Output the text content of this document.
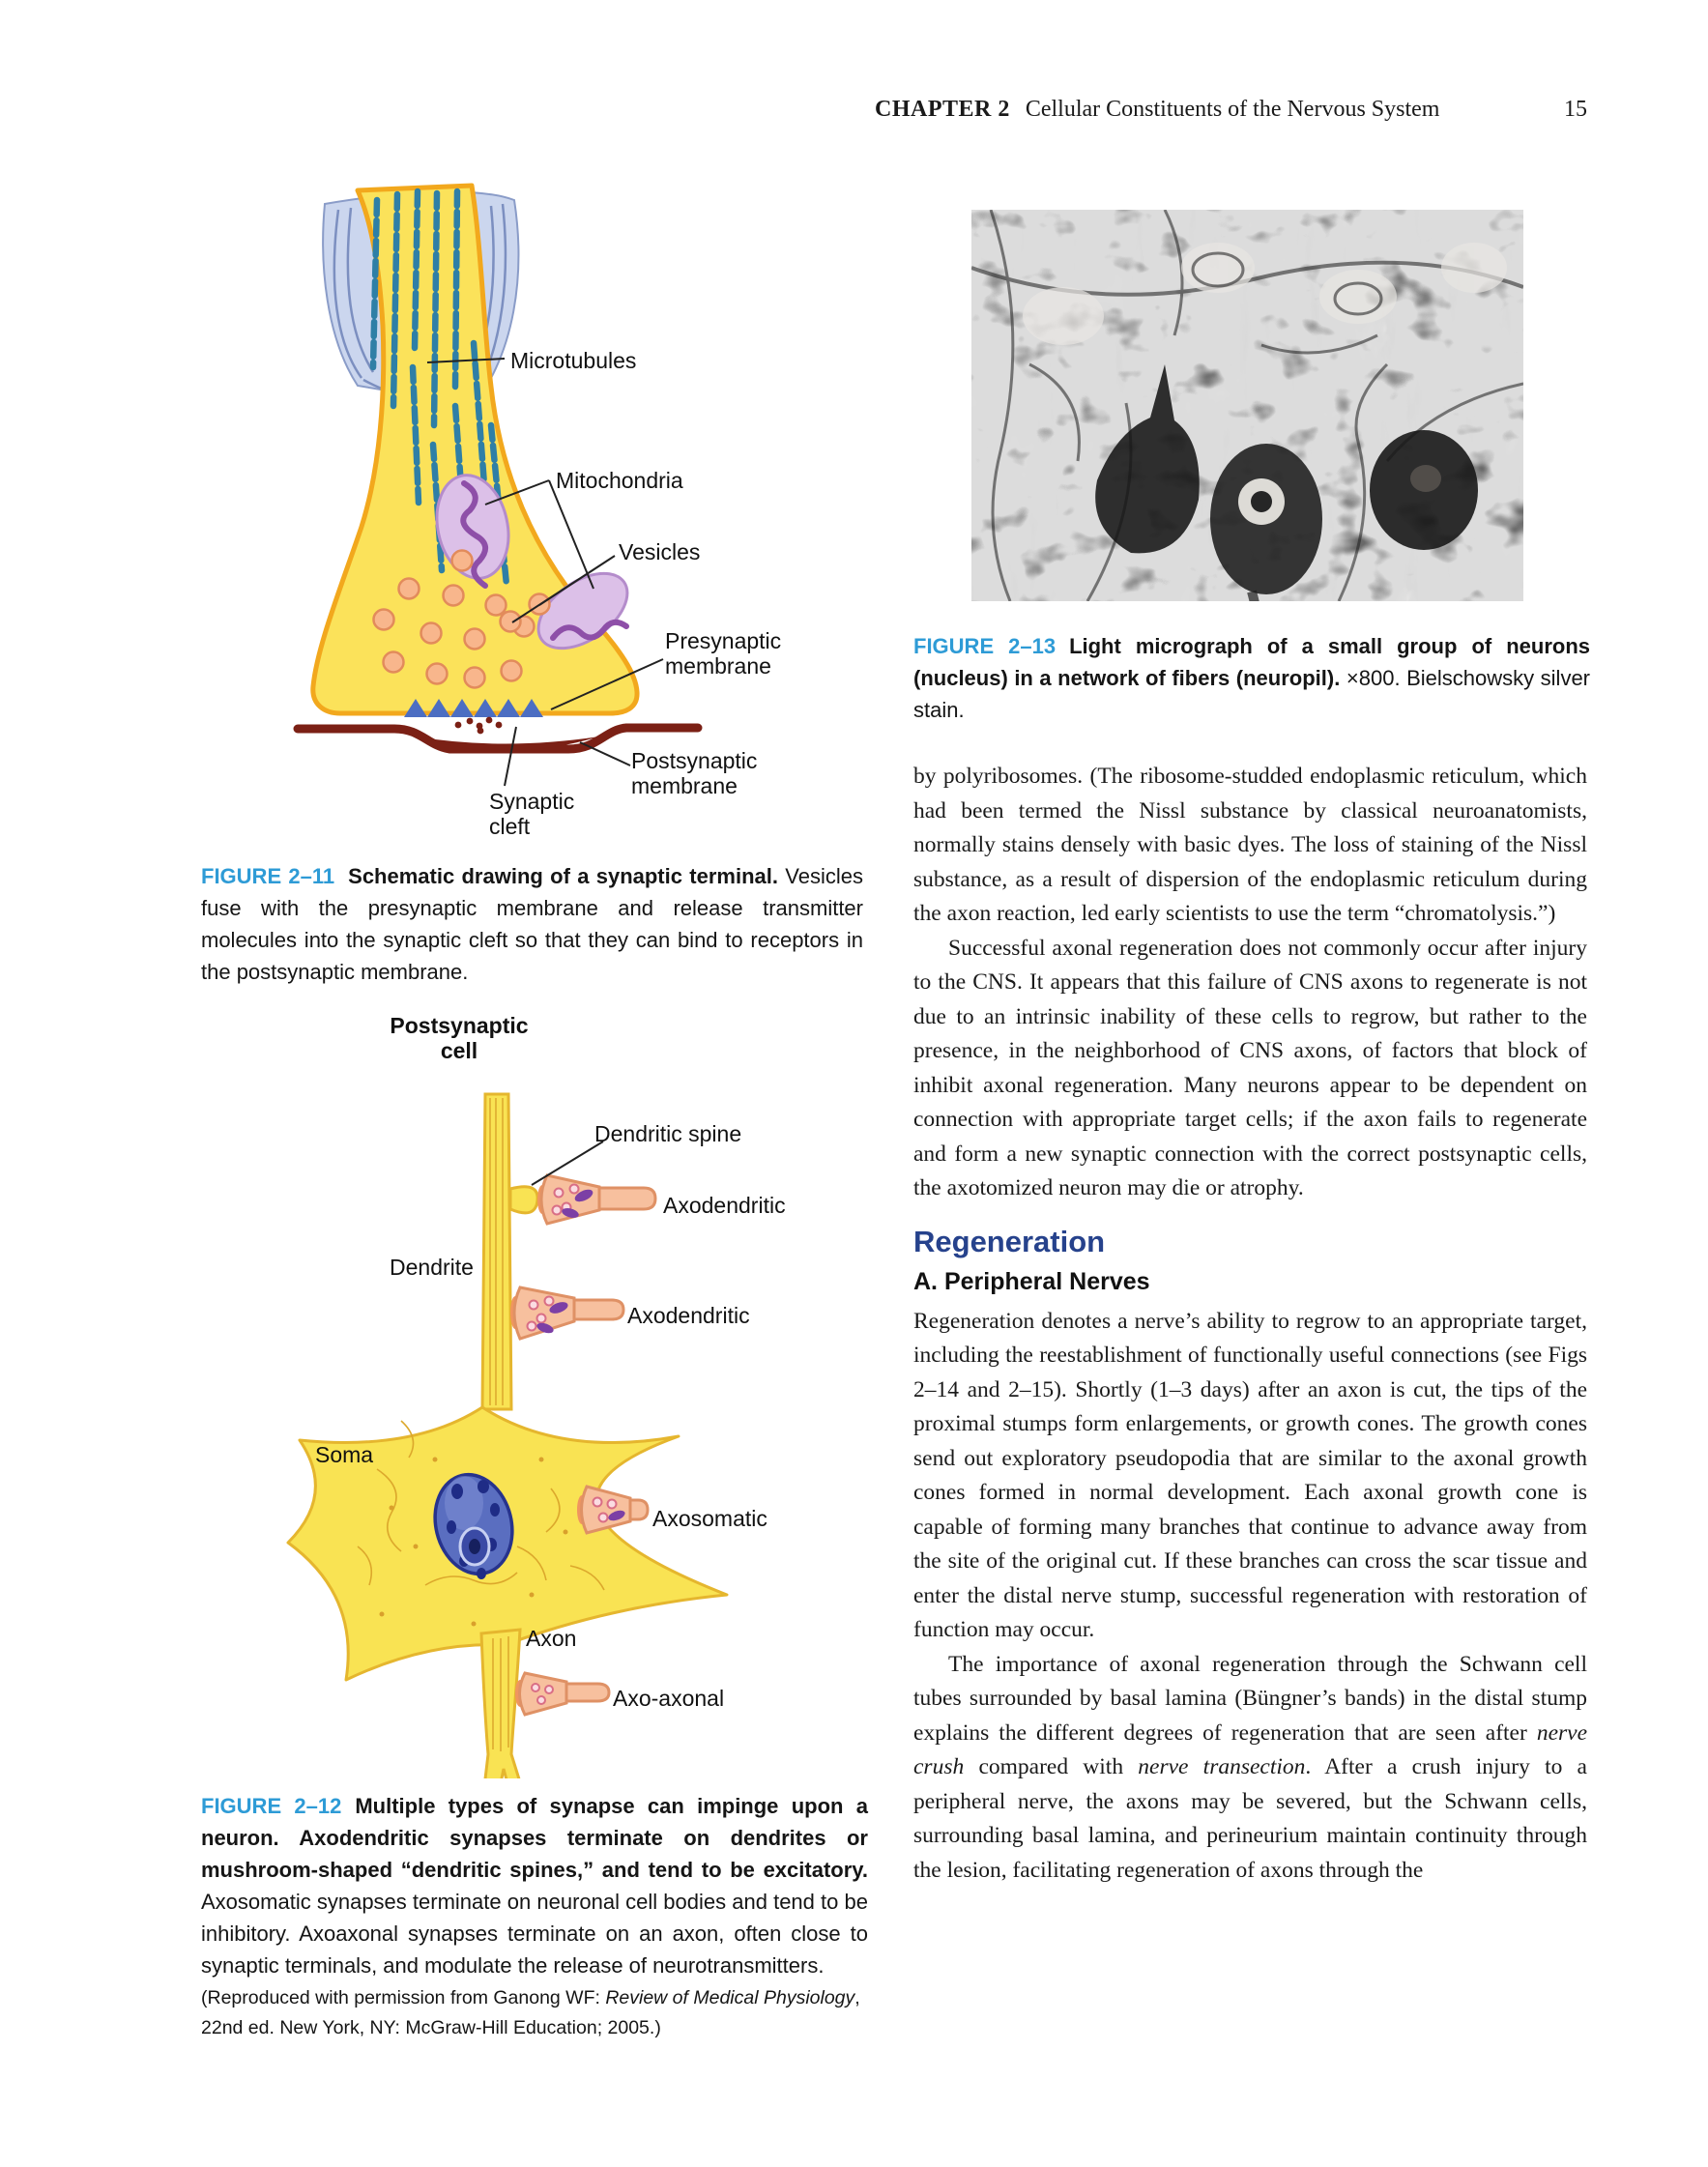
CHAPTER 2 Cellular Constituents of the Nervous System	15
Microtubules
Mitochondria
Vesicles
Presynaptic membrane
Postsynaptic membrane
Synaptic cleft
FIGURE 2–11 Schematic drawing of a synaptic terminal. Vesicles fuse with the presynaptic membrane and release transmitter molecules into the synaptic cleft so that they can bind to receptors in the postsynaptic membrane.
Postsynaptic cell
Dendritic spine
Axodendritic
Dendrite
Axodendritic
Soma
Axosomatic
Axon
Axo-axonal
FIGURE 2–12 Multiple types of synapse can impinge upon a neuron. Axodendritic synapses terminate on dendrites or mushroom-shaped “dendritic spines,” and tend to be excitatory. Axosomatic synapses terminate on neuronal cell bodies and tend to be inhibitory. Axoaxonal synapses terminate on an axon, often close to synaptic terminals, and modulate the release of neurotransmitters.
(Reproduced with permission from Ganong WF: Review of Medical Physiology, 22nd ed. New York, NY: McGraw-Hill Education; 2005.)
FIGURE 2–13 Light micrograph of a small group of neurons (nucleus) in a network of fibers (neuropil). ×800. Bielschowsky silver stain.

by polyribosomes. (The ribosome-studded endoplasmic reticulum, which had been termed the Nissl substance by classical neuroanatomists, normally stains densely with basic dyes. The loss of staining of the Nissl substance, as a result of dispersion of the endoplasmic reticulum during the axon reaction, led early scientists to use the term “chromatolysis.”)

Successful axonal regeneration does not commonly occur after injury to the CNS. It appears that this failure of CNS axons to regenerate is not due to an intrinsic inability of these cells to regrow, but rather to the presence, in the neighborhood of CNS axons, of factors that block of inhibit axonal regeneration. Many neurons appear to be dependent on connection with appropriate target cells; if the axon fails to regenerate and form a new synaptic connection with the correct postsynaptic cells, the axotomized neuron may die or atrophy.

Regeneration
A. Peripheral Nerves

Regeneration denotes a nerve’s ability to regrow to an appropriate target, including the reestablishment of functionally useful connections (see Figs 2–14 and 2–15). Shortly (1–3 days) after an axon is cut, the tips of the proximal stumps form enlargements, or growth cones. The growth cones send out exploratory pseudopodia that are similar to the axonal growth cones formed in normal development. Each axonal growth cone is capable of forming many branches that continue to advance away from the site of the original cut. If these branches can cross the scar tissue and enter the distal nerve stump, successful regeneration with restoration of function may occur.

The importance of axonal regeneration through the Schwann cell tubes surrounded by basal lamina (Büngner’s bands) in the distal stump explains the different degrees of regeneration that are seen after nerve crush compared with nerve transection. After a crush injury to a peripheral nerve, the axons may be severed, but the Schwann cells, surrounding basal lamina, and perineurium maintain continuity through the lesion, facilitating regeneration of axons through the
